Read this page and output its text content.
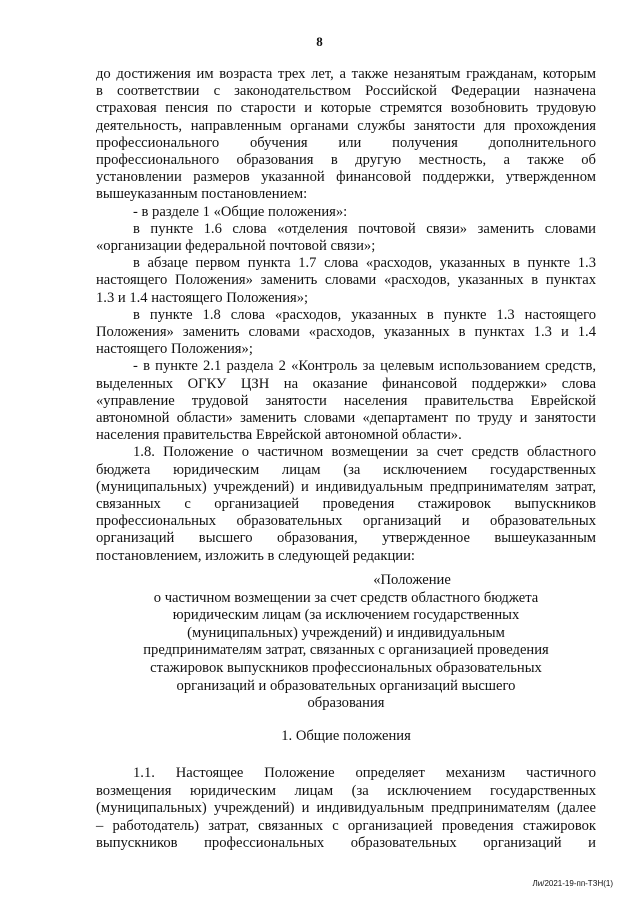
8

до достижения им возраста трех лет, а также незанятым гражданам, которым
в соответствии с законодательством Российской Федерации назначена
страховая пенсия по старости и которые стремятся возобновить трудовую
деятельность, направленным органами службы занятости для прохождения
профессионального обучения или получения дополнительного
профессионального образования в другую местность, а также об
установлении размеров указанной финансовой поддержки, утвержденном
вышеуказанным постановлением:

- в разделе 1 «Общие положения»:

в пункте 1.6 слова «отделения почтовой связи» заменить словами
«организации федеральной почтовой связи»;

в абзаце первом пункта 1.7 слова «расходов, указанных в пункте 1.3
настоящего Положения» заменить словами «расходов, указанных в пунктах
1.3 и 1.4 настоящего Положения»;

в пункте 1.8 слова «расходов, указанных в пункте 1.3 настоящего
Положения» заменить словами «расходов, указанных в пунктах 1.3 и 1.4
настоящего Положения»;

- в пункте 2.1 раздела 2 «Контроль за целевым использованием средств,
выделенных ОГКУ ЦЗН на оказание финансовой поддержки» слова
«управление трудовой занятости населения правительства Еврейской
автономной области» заменить словами «департамент по труду и занятости
населения правительства Еврейской автономной области».

1.8. Положение о частичном возмещении за счет средств областного
бюджета юридическим лицам (за исключением государственных
(муниципальных) учреждений) и индивидуальным предпринимателям затрат,
связанных с организацией проведения стажировок выпускников
профессиональных образовательных организаций и образовательных
организаций высшего образования, утвержденное вышеуказанным
постановлением, изложить в следующей редакции:

«Положение

о частичном возмещении за счет средств областного бюджета

юридическим лицам (за исключением государственных

(муниципальных) учреждений) и индивидуальным

предпринимателям затрат, связанных с организацией проведения

стажировок выпускников профессиональных образовательных

организаций и образовательных организаций высшего

образования

1. Общие положения

1.1. Настоящее Положение определяет механизм частичного
возмещения юридическим лицам (за исключением государственных
(муниципальных) учреждений) и индивидуальным предпринимателям (далее
– работодатель) затрат, связанных с организацией проведения стажировок
выпускников профессиональных образовательных организаций и

Ли/2021-19-пп-ТЗН(1)
